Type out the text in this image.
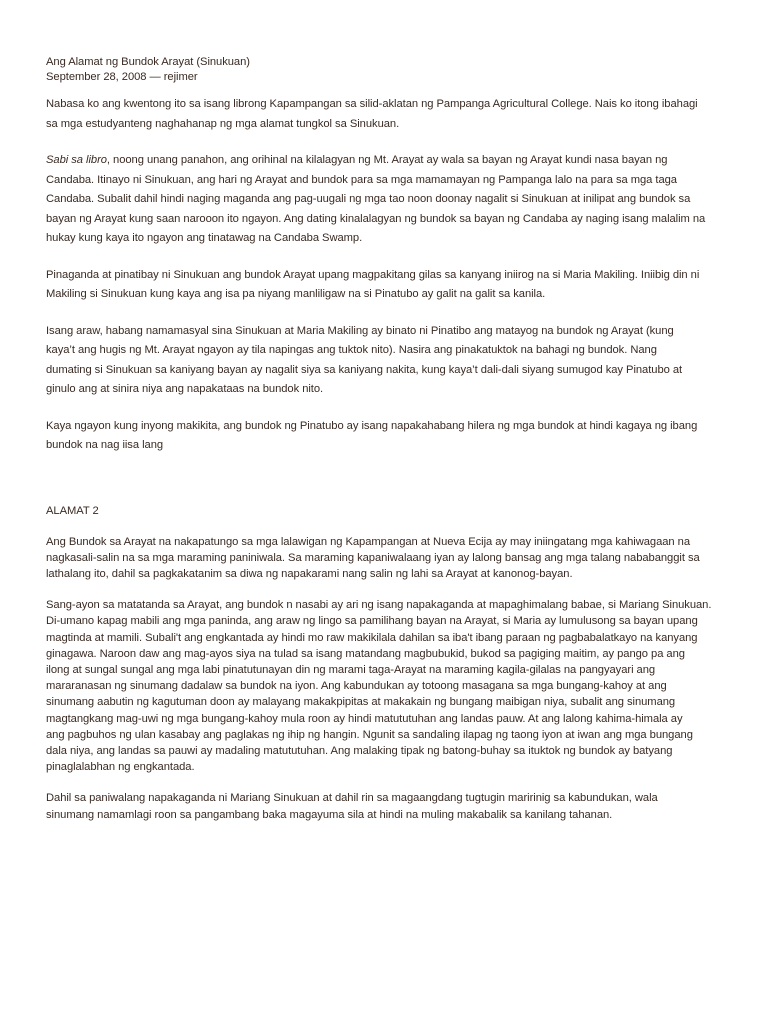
Ang Alamat ng Bundok Arayat (Sinukuan)
September 28, 2008 — rejimer
Nabasa ko ang kwentong ito sa isang librong Kapampangan sa silid-aklatan ng Pampanga Agricultural College. Nais ko itong ibahagi
sa mga estudyanteng naghahanap ng mga alamat tungkol sa Sinukuan.
Sabi sa libro, noong unang panahon, ang orihinal na kilalagyan ng Mt. Arayat ay wala sa bayan ng Arayat kundi nasa bayan ng
Candaba. Itinayo ni Sinukuan, ang hari ng Arayat and bundok para sa mga mamamayan ng Pampanga lalo na para sa mga taga
Candaba. Subalit dahil hindi naging maganda ang pag-uugali ng mga tao noon doonay nagalit si Sinukuan at inilipat ang bundok sa
bayan ng Arayat kung saan narooon ito ngayon. Ang dating kinalalagyan ng bundok sa bayan ng Candaba ay naging isang malalim na
hukay kung kaya ito ngayon ang tinatawag na Candaba Swamp.
Pinaganda at pinatibay ni Sinukuan ang bundok Arayat upang magpakitang gilas sa kanyang iniirog na si Maria Makiling. Iniibig din ni
Makiling si Sinukuan kung kaya ang isa pa niyang manliligaw na si Pinatubo ay galit na galit sa kanila.
Isang araw, habang namamasyal sina Sinukuan at Maria Makiling ay binato ni Pinatibo ang matayog na bundok ng Arayat (kung
kaya’t ang hugis ng Mt. Arayat ngayon ay tila napingas ang tuktok nito). Nasira ang pinakatuktok na bahagi ng bundok. Nang
dumating si Sinukuan sa kaniyang bayan ay nagalit siya sa kaniyang nakita, kung kaya’t dali-dali siyang sumugod kay Pinatubo at
ginulo ang at sinira niya ang napakataas na bundok nito.
Kaya ngayon kung inyong makikita, ang bundok ng Pinatubo ay isang napakahabang hilera ng mga bundok at hindi kagaya ng ibang
bundok na nag iisa lang
ALAMAT 2
Ang Bundok sa Arayat na nakapatungo sa mga lalawigan ng Kapampangan at Nueva Ecija ay may iniingatang mga kahiwagaan na
nagkasali-salin na sa mga maraming paniniwala. Sa maraming kapaniwalaang iyan ay lalong bansag ang mga talang nababanggit sa
lathalang ito, dahil sa pagkakatanim sa diwa ng napakarami nang salin ng lahi sa Arayat at kanonog-bayan.
Sang-ayon sa matatanda sa Arayat, ang bundok n nasabi ay ari ng isang napakaganda at mapaghimalang babae, si Mariang Sinukuan.
Di-umano kapag mabili ang mga paninda, ang araw ng lingo sa pamilihang bayan na Arayat, si Maria ay lumulusong sa bayan upang
magtinda at mamili. Subali't ang engkantada ay hindi mo raw makikilala dahilan sa iba't ibang paraan ng pagbabalatkayo na kanyang
ginagawa. Naroon daw ang mag-ayos siya na tulad sa isang matandang magbubukid, bukod sa pagiging maitim, ay pango pa ang
ilong at sungal sungal ang mga labi pinatutunayan din ng marami taga-Arayat na maraming kagila-gilalas na pangyayari ang
mararanasan ng sinumang dadalaw sa bundok na iyon. Ang kabundukan ay totoong masagana sa mga bungang-kahoy at ang
sinumang aabutin ng kagutuman doon ay malayang makakpipitas at makakain ng bungang maibigan niya, subalit ang sinumang
magtangkang mag-uwi ng mga bungang-kahoy mula roon ay hindi matututuhan ang landas pauw. At ang lalong kahima-himala ay
ang pagbuhos ng ulan kasabay ang paglakas ng ihip ng hangin. Ngunit sa sandaling ilapag ng taong iyon at iwan ang mga bungang
dala niya, ang landas sa pauwi ay madaling matututuhan. Ang malaking tipak ng batong-buhay sa ituktok ng bundok ay batyang
pinaglalabhan ng engkantada.
Dahil sa paniwalang napakaganda ni Mariang Sinukuan at dahil rin sa magaangdang tugtugin maririnig sa kabundukan, wala
sinumang namamlagi roon sa pangambang baka magayuma sila at hindi na muling makabalik sa kanilang tahanan.
